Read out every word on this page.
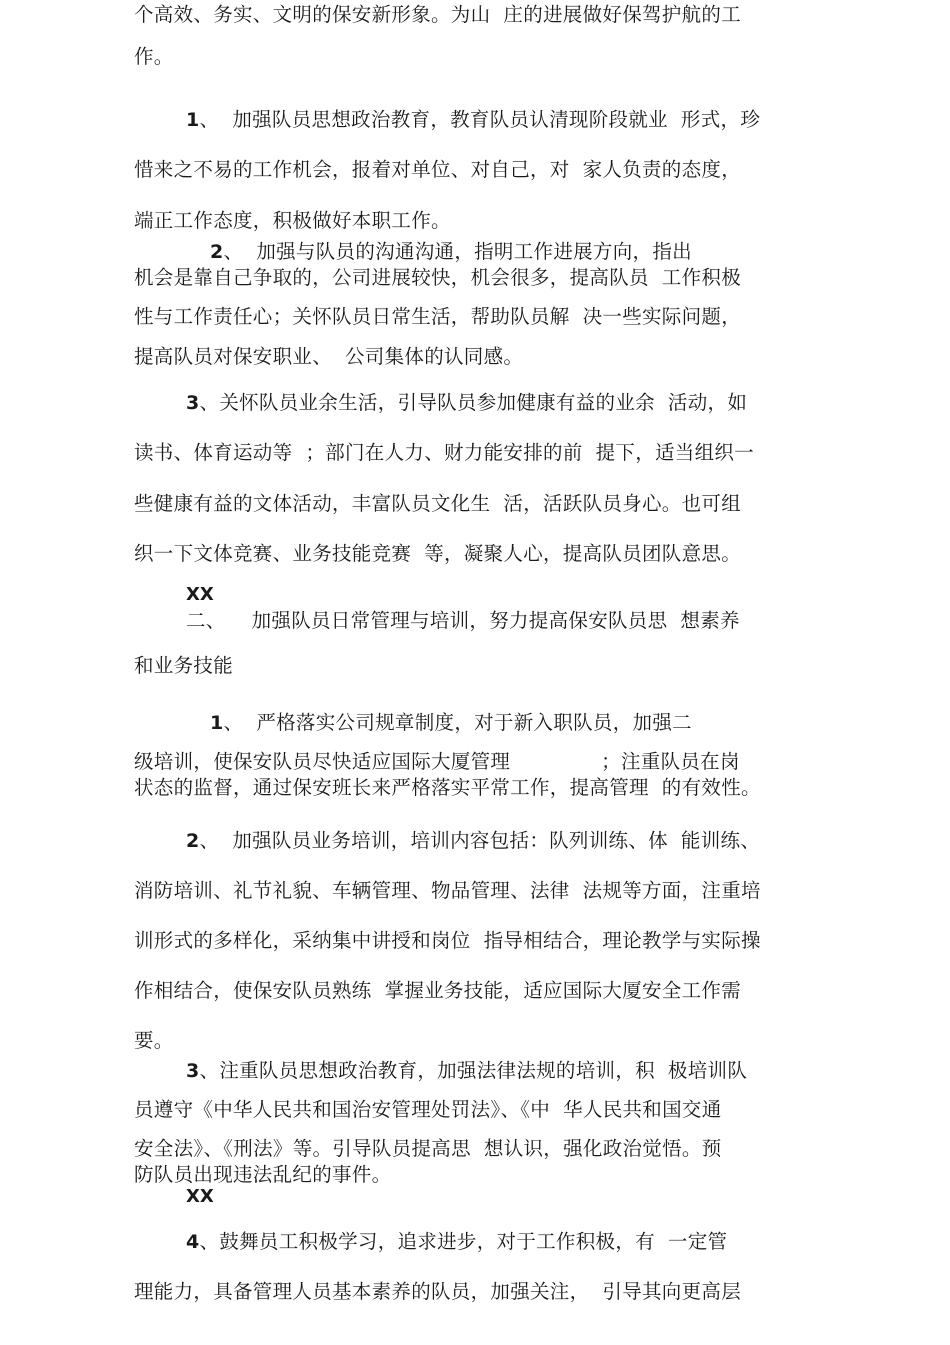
个高效、务实、文明的保安新形象。为山  庄的进展做好保驾护航的工
作。
1、  加强队员思想政治教育，教育队员认清现阶段就业  形式，珍
惜来之不易的工作机会，报着对单位、对自己，对  家人负责的态度，
端正工作态度，积极做好本职工作。
2、  加强与队员的沟通沟通，指明工作进展方向，指出
机会是靠自己争取的，公司进展较快，机会很多，提高队员  工作积极
性与工作责任心；关怀队员日常生活，帮助队员解  决一些实际问题，
提高队员对保安职业、  公司集体的认同感。
3、关怀队员业余生活，引导队员参加健康有益的业余  活动，如
读书、体育运动等  ；部门在人力、财力能安排的前  提下，适当组织一
些健康有益的文体活动，丰富队员文化生  活，活跃队员身心。也可组
织一下文体竞赛、业务技能竞赛  等，凝聚人心，提高队员团队意思。
XX
二、    加强队员日常管理与培训，努力提高保安队员思  想素养
和业务技能
1、  严格落实公司规章制度，对于新入职队员，加强二
级培训，使保安队员尽快适应国际大厦管理              ；注重队员在岗
状态的监督，通过保安班长来严格落实平常工作，提高管理  的有效性。
2、  加强队员业务培训，培训内容包括：队列训练、体  能训练、
消防培训、礼节礼貌、车辆管理、物品管理、法律  法规等方面，注重培
训形式的多样化，采纳集中讲授和岗位  指导相结合，理论教学与实际操
作相结合，使保安队员熟练  掌握业务技能，适应国际大厦安全工作需
要。
3、注重队员思想政治教育，加强法律法规的培训，积  极培训队
员遵守《中华人民共和国治安管理处罚法》、《中  华人民共和国交通
安全法》、《刑法》等。引导队员提高思  想认识，强化政治觉悟。预
防队员出现违法乱纪的事件。
XX
4、鼓舞员工积极学习，追求进步，对于工作积极，有  一定管
理能力，具备管理人员基本素养的队员，加强关注，  引导其向更高层
